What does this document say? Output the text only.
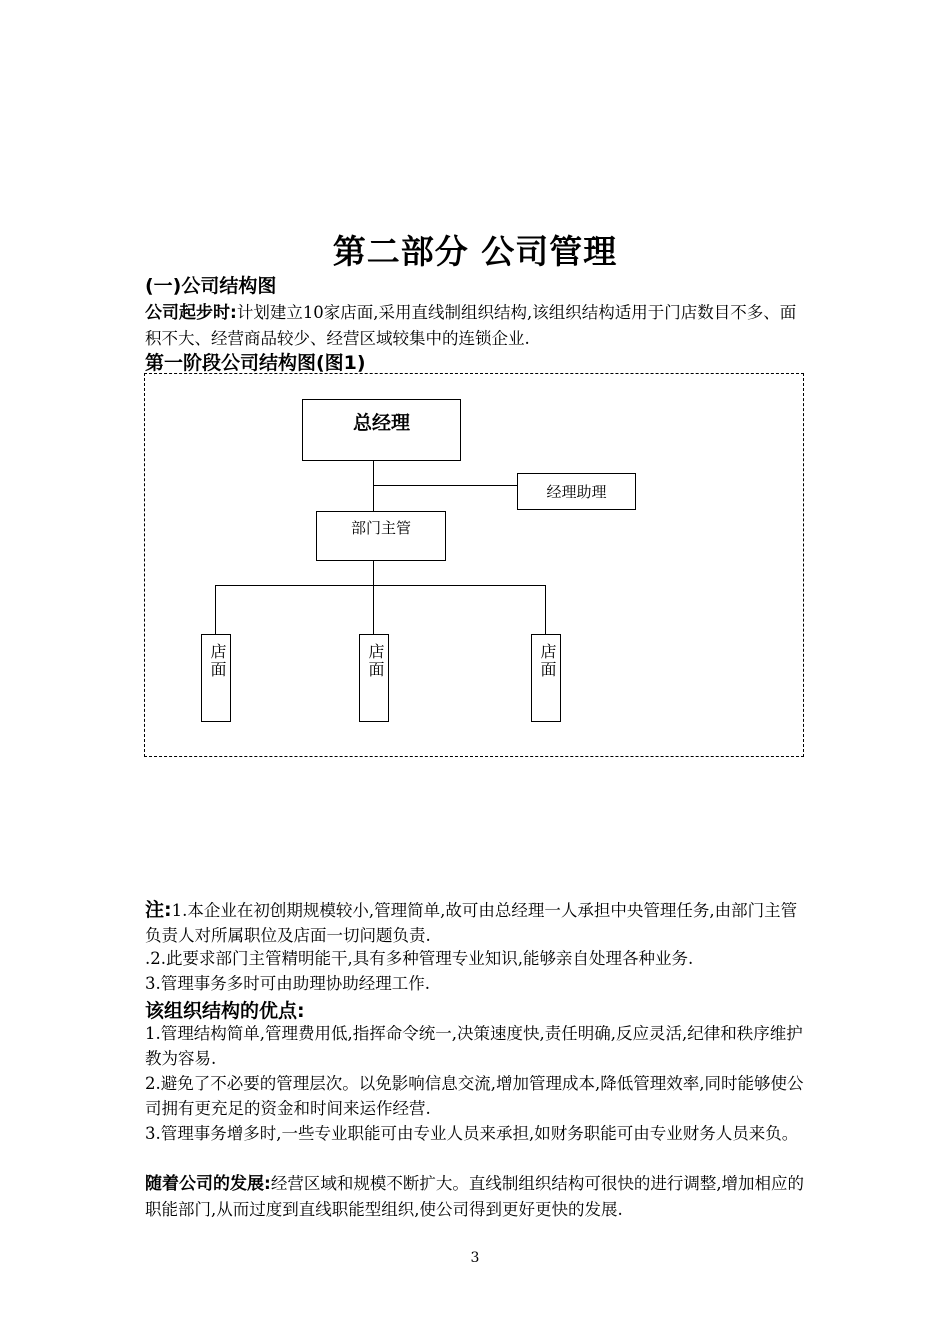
第二部分 公司管理
(一)公司结构图
公司起步时:计划建立10家店面,采用直线制组织结构,该组织结构适用于门店数目不多、面积不大、经营商品较少、经营区域较集中的连锁企业.
第一阶段公司结构图(图1)
总经理
经理助理
部门主管
店面	店面	店面
注:1.本企业在初创期规模较小,管理简单,故可由总经理一人承担中央管理任务,由部门主管负责人对所属职位及店面一切问题负责.
.2.此要求部门主管精明能干,具有多种管理专业知识,能够亲自处理各种业务.
3.管理事务多时可由助理协助经理工作.
该组织结构的优点:
1.管理结构简单,管理费用低,指挥命令统一,决策速度快,责任明确,反应灵活,纪律和秩序维护教为容易.
2.避免了不必要的管理层次。以免影响信息交流,增加管理成本,降低管理效率,同时能够使公司拥有更充足的资金和时间来运作经营.
3.管理事务增多时,一些专业职能可由专业人员来承担,如财务职能可由专业财务人员来负。
随着公司的发展:经营区域和规模不断扩大。直线制组织结构可很快的进行调整,增加相应的职能部门,从而过度到直线职能型组织,使公司得到更好更快的发展.
3
